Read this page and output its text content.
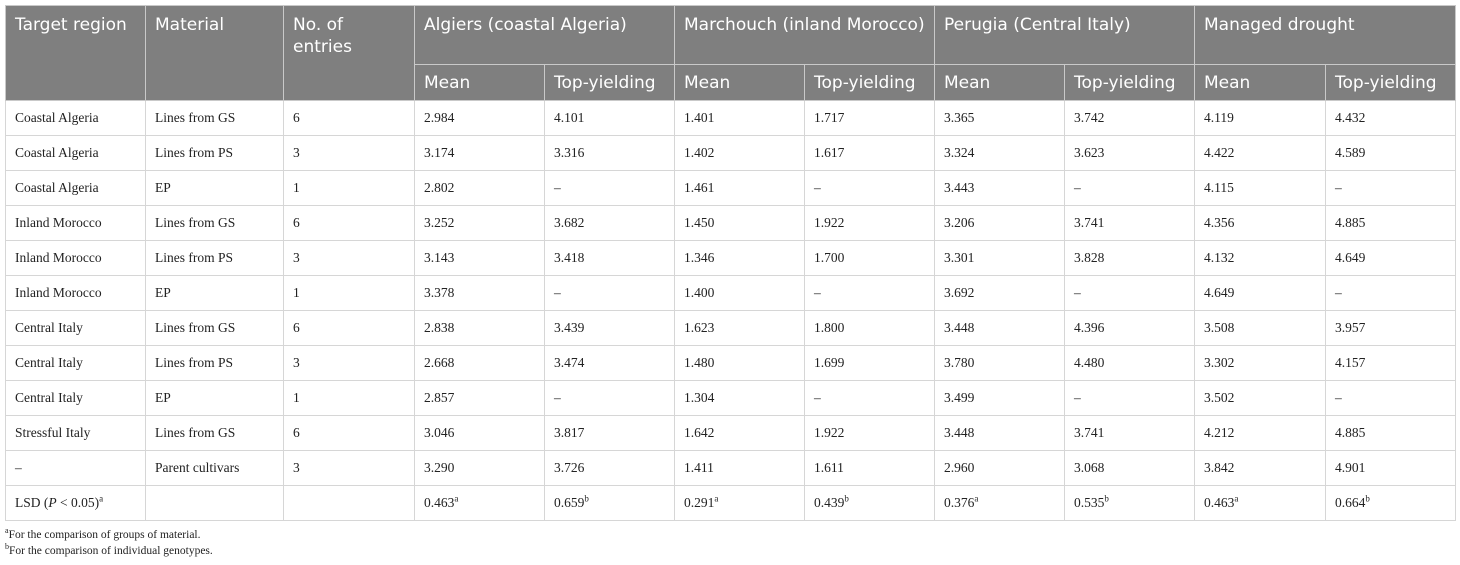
Target region	Material	No. of entries	Algiers (coastal Algeria)		Marchouch (inland Morocco)		Perugia (Central Italy)		Managed drought	
			Mean	Top-yielding	Mean	Top-yielding	Mean	Top-yielding	Mean	Top-yielding
Coastal Algeria	Lines from GS	6	2.984	4.101	1.401	1.717	3.365	3.742	4.119	4.432
Coastal Algeria	Lines from PS	3	3.174	3.316	1.402	1.617	3.324	3.623	4.422	4.589
Coastal Algeria	EP	1	2.802	–	1.461	–	3.443	–	4.115	–
Inland Morocco	Lines from GS	6	3.252	3.682	1.450	1.922	3.206	3.741	4.356	4.885
Inland Morocco	Lines from PS	3	3.143	3.418	1.346	1.700	3.301	3.828	4.132	4.649
Inland Morocco	EP	1	3.378	–	1.400	–	3.692	–	4.649	–
Central Italy	Lines from GS	6	2.838	3.439	1.623	1.800	3.448	4.396	3.508	3.957
Central Italy	Lines from PS	3	2.668	3.474	1.480	1.699	3.780	4.480	3.302	4.157
Central Italy	EP	1	2.857	–	1.304	–	3.499	–	3.502	–
Stressful Italy	Lines from GS	6	3.046	3.817	1.642	1.922	3.448	3.741	4.212	4.885
–	Parent cultivars	3	3.290	3.726	1.411	1.611	2.960	3.068	3.842	4.901
LSD (P < 0.05)$^a$			0.463$^a$	0.659$^b$	0.291$^a$	0.439$^b$	0.376$^a$	0.535$^b$	0.463$^a$	0.664$^b$
$^a$For the comparison of groups of material.
$^b$For the comparison of individual genotypes.
